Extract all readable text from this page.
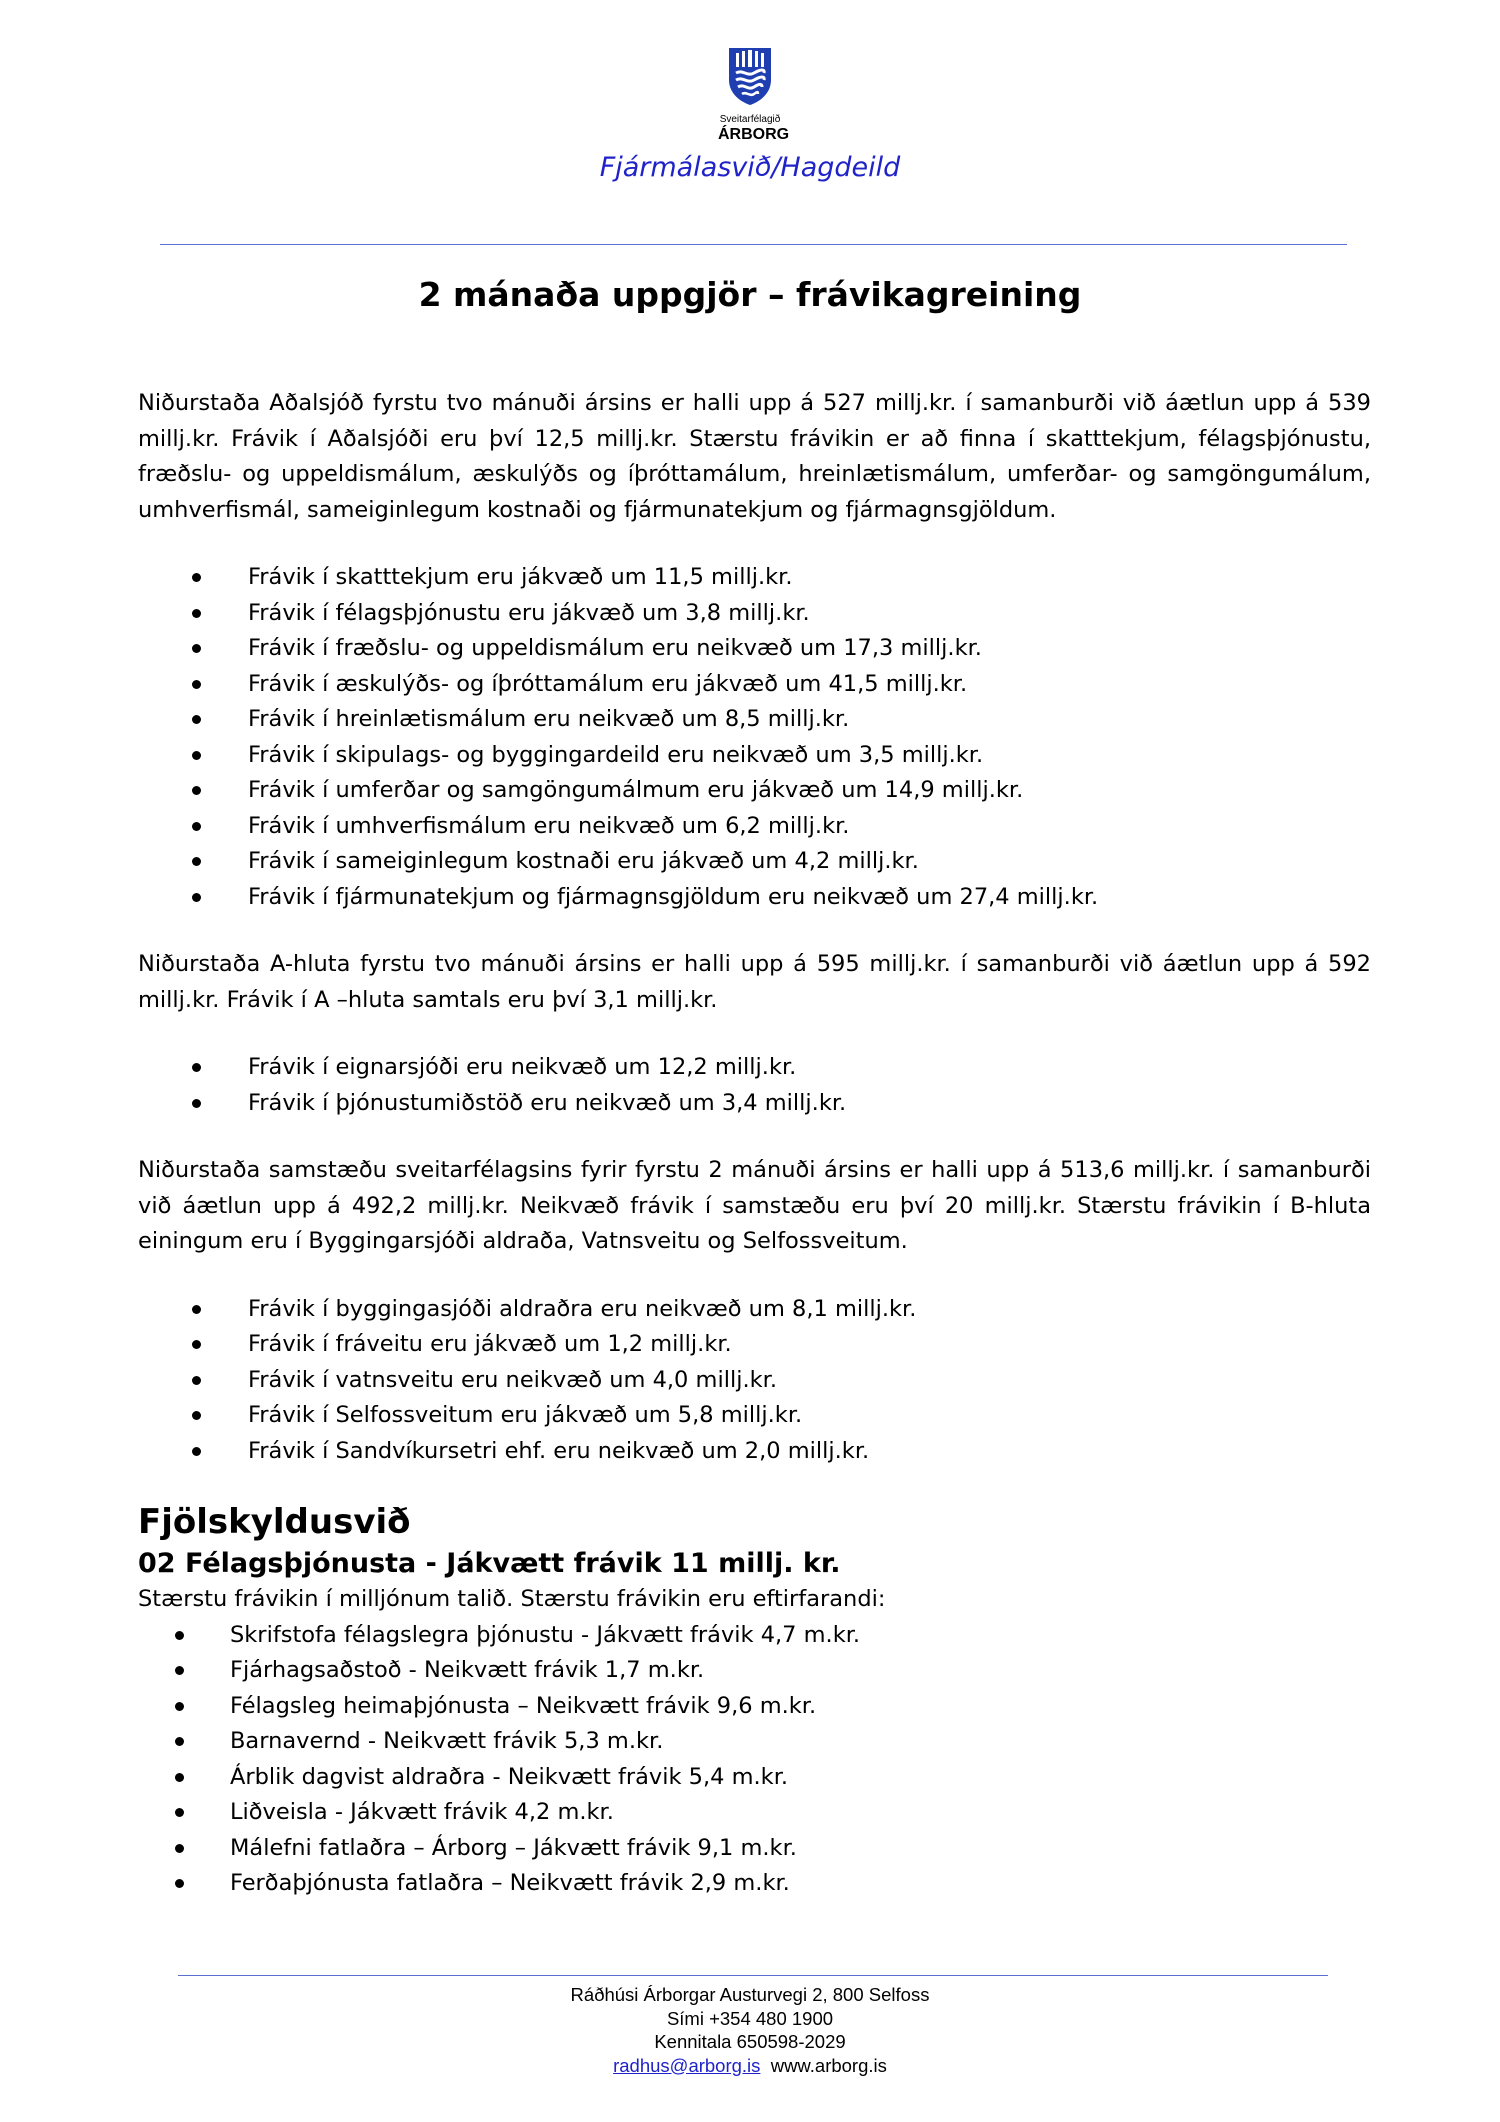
Sveitarfélagið
ÁRBORG
Fjármálasvið/Hagdeild
2 mánaða uppgjör – frávikagreining

Niðurstaða Aðalsjóð fyrstu tvo mánuði ársins er halli upp á 527 millj.kr. í samanburði við áætlun upp á 539 millj.kr. Frávik í Aðalsjóði eru því 12,5 millj.kr. Stærstu frávikin er að finna í skatttekjum, félagsþjónustu, fræðslu- og uppeldismálum, æskulýðs og íþróttamálum, hreinlætismálum, umferðar- og samgöngumálum, umhverfismál, sameiginlegum kostnaði og fjármunatekjum og fjármagnsgjöldum.

Frávik í skatttekjum eru jákvæð um 11,5 millj.kr.
Frávik í félagsþjónustu eru jákvæð um 3,8 millj.kr.
Frávik í fræðslu- og uppeldismálum eru neikvæð um 17,3 millj.kr.
Frávik í æskulýðs- og íþróttamálum eru jákvæð um 41,5 millj.kr.
Frávik í hreinlætismálum eru neikvæð um 8,5 millj.kr.
Frávik í skipulags- og byggingardeild eru neikvæð um 3,5 millj.kr.
Frávik í umferðar og samgöngumálmum eru jákvæð um 14,9 millj.kr.
Frávik í umhverfismálum eru neikvæð um 6,2 millj.kr.
Frávik í sameiginlegum kostnaði eru jákvæð um 4,2 millj.kr.
Frávik í fjármunatekjum og fjármagnsgjöldum eru neikvæð um 27,4 millj.kr.

Niðurstaða A-hluta fyrstu tvo mánuði ársins er halli upp á 595 millj.kr. í samanburði við áætlun upp á 592 millj.kr. Frávik í A –hluta samtals eru því 3,1 millj.kr.

Frávik í eignarsjóði eru neikvæð um 12,2 millj.kr.
Frávik í þjónustumiðstöð eru neikvæð um 3,4 millj.kr.

Niðurstaða samstæðu sveitarfélagsins fyrir fyrstu 2 mánuði ársins er halli upp á 513,6 millj.kr. í samanburði við áætlun upp á 492,2 millj.kr. Neikvæð frávik í samstæðu eru því 20 millj.kr. Stærstu frávikin í B-hluta einingum eru í Byggingarsjóði aldraða, Vatnsveitu og Selfossveitum.

Frávik í byggingasjóði aldraðra eru neikvæð um 8,1 millj.kr.
Frávik í fráveitu eru jákvæð um 1,2 millj.kr.
Frávik í vatnsveitu eru neikvæð um 4,0 millj.kr.
Frávik í Selfossveitum eru jákvæð um 5,8 millj.kr.
Frávik í Sandvíkursetri ehf. eru neikvæð um 2,0 millj.kr.
Fjölskyldusvið
02 Félagsþjónusta - Jákvætt frávik 11 millj. kr.

Stærstu frávikin í milljónum talið. Stærstu frávikin eru eftirfarandi:

Skrifstofa félagslegra þjónustu - Jákvætt frávik 4,7 m.kr.
Fjárhagsaðstoð - Neikvætt frávik 1,7 m.kr.
Félagsleg heimaþjónusta – Neikvætt frávik 9,6 m.kr.
Barnavernd - Neikvætt frávik 5,3 m.kr.
Árblik dagvist aldraðra - Neikvætt frávik 5,4 m.kr.
Liðveisla - Jákvætt frávik 4,2 m.kr.
Málefni fatlaðra – Árborg – Jákvætt frávik 9,1 m.kr.
Ferðaþjónusta fatlaðra – Neikvætt frávik 2,9 m.kr.
Ráðhúsi Árborgar Austurvegi 2, 800 Selfoss
Sími +354 480 1900
Kennitala 650598-2029
radhus@arborg.is www.arborg.is
